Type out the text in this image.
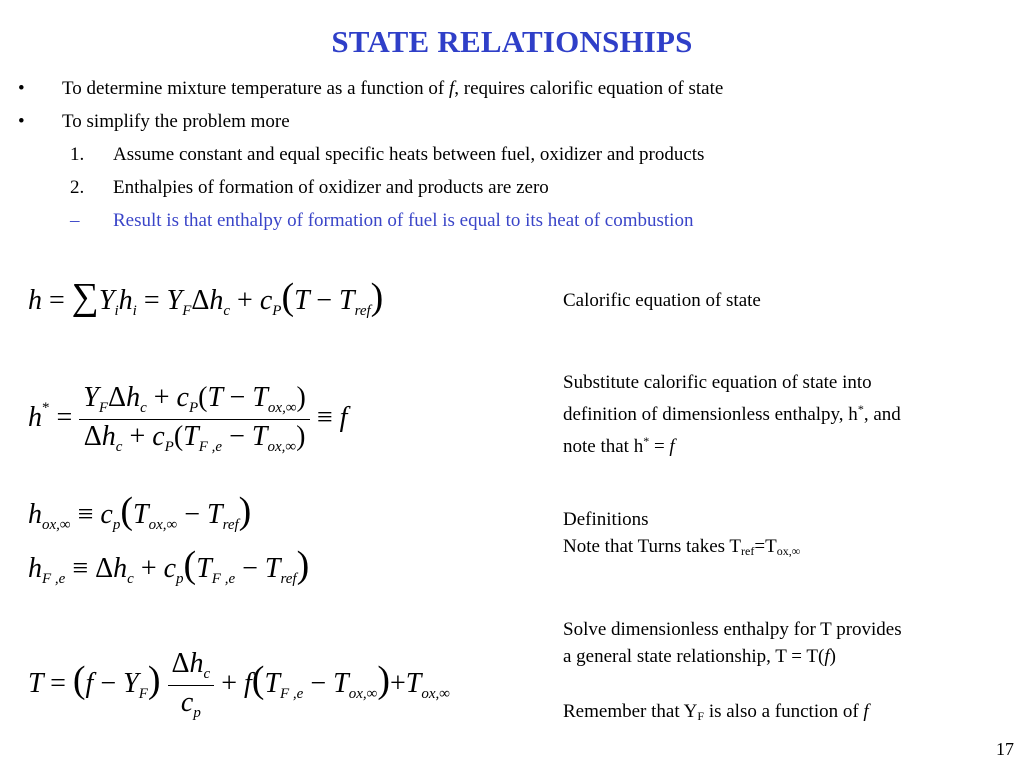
STATE RELATIONSHIPS
• To determine mixture temperature as a function of f, requires calorific equation of state
• To simplify the problem more
1. Assume constant and equal specific heats between fuel, oxidizer and products
2. Enthalpies of formation of oxidizer and products are zero
– Result is that enthalpy of formation of fuel is equal to its heat of combustion
$h = \sum Y_ih_i = Y_F\Delta h_c + c_P(T - T_{ref})$
$h^* = \frac{Y_F\Delta h_c + c_P(T - T_{ox,\infty})}{\Delta h_c + c_P(T_{F ,e} - T_{ox,\infty})} \equiv f$
$h_{ox,\infty} \equiv c_p(T_{ox,\infty} - T_{ref})$
$h_{F ,e} \equiv \Delta h_c + c_p(T_{F ,e} - T_{ref})$
$T = (f - Y_F) \frac{\Delta h_c}{c_p} + f(T_{F ,e} - T_{ox,\infty})+T_{ox,\infty}$
Calorific equation of state
Substitute calorific equation of state into
definition of dimensionless enthalpy, h*, and
note that h* = f
Definitions
Note that Turns takes $T_{ref}=T_{ox,\infty}$
Solve dimensionless enthalpy for T provides
a general state relationship, T = T(f)
Remember that $Y_F$ is also a function of f
17
